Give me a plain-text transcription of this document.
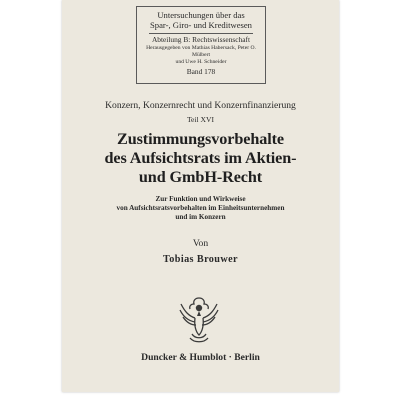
Untersuchungen über das
Spar-, Giro- und Kreditwesen
Abteilung B: Rechtswissenschaft
Herausgegeben von Mathias Habersack, Peter O. Mülbert
und Uwe H. Schneider
Band 178
Konzern, Konzernrecht und Konzernfinanzierung
Teil XVI
Zustimmungsvorbehalte
des Aufsichtsrats im Aktien-
und GmbH-Recht
Zur Funktion und Wirkweise
von Aufsichtsratsvorbehalten im Einheitsunternehmen
und im Konzern
Von
Tobias Brouwer
Duncker & Humblot · Berlin
